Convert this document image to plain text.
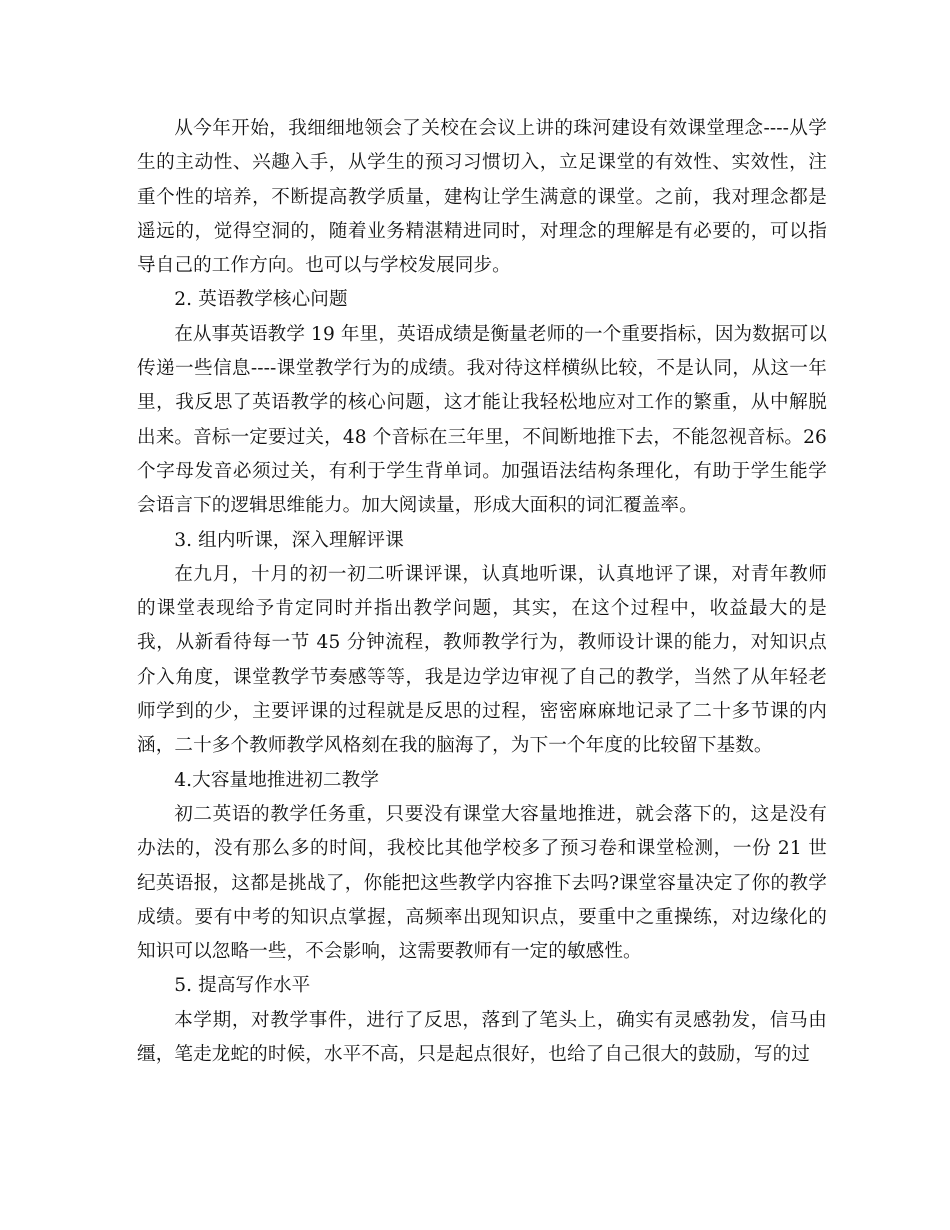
从今年开始，我细细地领会了关校在会议上讲的珠河建设有效课堂理念----从学生的主动性、兴趣入手，从学生的预习习惯切入，立足课堂的有效性、实效性，注重个性的培养，不断提高教学质量，建构让学生满意的课堂。之前，我对理念都是遥远的，觉得空洞的，随着业务精湛精进同时，对理念的理解是有必要的，可以指导自己的工作方向。也可以与学校发展同步。

2. 英语教学核心问题

在从事英语教学 19 年里，英语成绩是衡量老师的一个重要指标，因为数据可以传递一些信息----课堂教学行为的成绩。我对待这样横纵比较，不是认同，从这一年里，我反思了英语教学的核心问题，这才能让我轻松地应对工作的繁重，从中解脱出来。音标一定要过关，48 个音标在三年里，不间断地推下去，不能忽视音标。26 个字母发音必须过关，有利于学生背单词。加强语法结构条理化，有助于学生能学会语言下的逻辑思维能力。加大阅读量，形成大面积的词汇覆盖率。

3. 组内听课，深入理解评课

在九月，十月的初一初二听课评课，认真地听课，认真地评了课，对青年教师的课堂表现给予肯定同时并指出教学问题，其实，在这个过程中，收益最大的是我，从新看待每一节 45 分钟流程，教师教学行为，教师设计课的能力，对知识点介入角度，课堂教学节奏感等等，我是边学边审视了自己的教学，当然了从年轻老师学到的少，主要评课的过程就是反思的过程，密密麻麻地记录了二十多节课的内涵，二十多个教师教学风格刻在我的脑海了，为下一个年度的比较留下基数。

4.大容量地推进初二教学

初二英语的教学任务重，只要没有课堂大容量地推进，就会落下的，这是没有办法的，没有那么多的时间，我校比其他学校多了预习卷和课堂检测，一份 21 世纪英语报，这都是挑战了，你能把这些教学内容推下去吗?课堂容量决定了你的教学成绩。要有中考的知识点掌握，高频率出现知识点，要重中之重操练，对边缘化的知识可以忽略一些，不会影响，这需要教师有一定的敏感性。

5. 提高写作水平

本学期，对教学事件，进行了反思，落到了笔头上，确实有灵感勃发，信马由缰，笔走龙蛇的时候，水平不高，只是起点很好，也给了自己很大的鼓励，写的过
